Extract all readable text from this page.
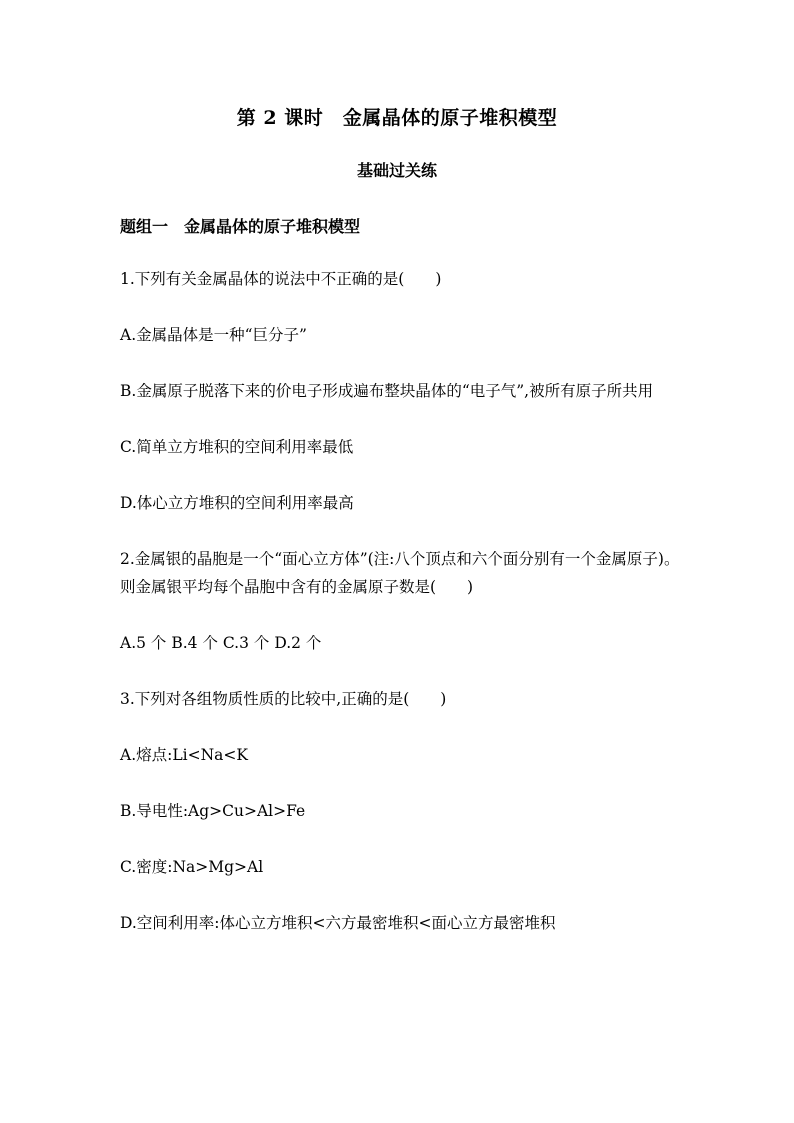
第 2 课时　金属晶体的原子堆积模型
基础过关练
题组一　金属晶体的原子堆积模型

1.下列有关金属晶体的说法中不正确的是(　　)

A.金属晶体是一种“巨分子”

B.金属原子脱落下来的价电子形成遍布整块晶体的“电子气”,被所有原子所共用

C.简单立方堆积的空间利用率最低

D.体心立方堆积的空间利用率最高

2.金属银的晶胞是一个“面心立方体”(注:八个顶点和六个面分别有一个金属原子)。则金属银平均每个晶胞中含有的金属原子数是(　　)

A.5 个 B.4 个 C.3 个 D.2 个

3.下列对各组物质性质的比较中,正确的是(　　)

A.熔点:Li<Na<K

B.导电性:Ag>Cu>Al>Fe

C.密度:Na>Mg>Al

D.空间利用率:体心立方堆积<六方最密堆积<面心立方最密堆积
